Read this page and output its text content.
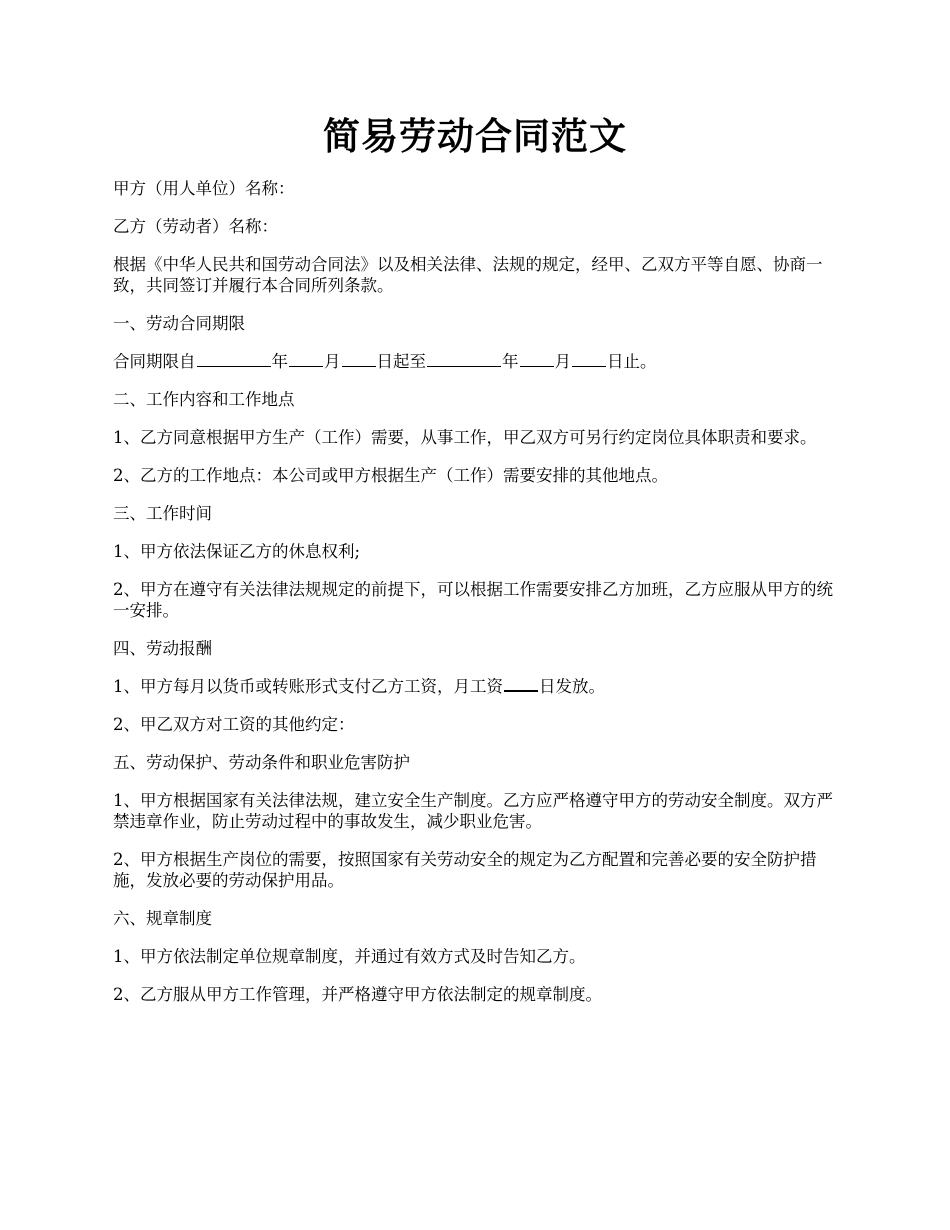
简易劳动合同范文

甲方（用人单位）名称：

乙方（劳动者）名称：

根据《中华人民共和国劳动合同法》以及相关法律、法规的规定，经甲、乙双方平等自愿、协商一致，共同签订并履行本合同所列条款。

一、劳动合同期限

合同期限自	年 月 日起至	年 月 日止。

二、工作内容和工作地点

1、乙方同意根据甲方生产（工作）需要，从事工作，甲乙双方可另行约定岗位具体职责和要求。

2、乙方的工作地点：本公司或甲方根据生产（工作）需要安排的其他地点。

三、工作时间

1、甲方依法保证乙方的休息权利;

2、甲方在遵守有关法律法规规定的前提下，可以根据工作需要安排乙方加班，乙方应服从甲方的统一安排。

四、劳动报酬

1、甲方每月以货币或转账形式支付乙方工资，月工资 日发放。

2、甲乙双方对工资的其他约定：

五、劳动保护、劳动条件和职业危害防护

1、甲方根据国家有关法律法规，建立安全生产制度。乙方应严格遵守甲方的劳动安全制度。双方严禁违章作业，防止劳动过程中的事故发生，减少职业危害。

2、甲方根据生产岗位的需要，按照国家有关劳动安全的规定为乙方配置和完善必要的安全防护措施，发放必要的劳动保护用品。

六、规章制度

1、甲方依法制定单位规章制度，并通过有效方式及时告知乙方。

2、乙方服从甲方工作管理，并严格遵守甲方依法制定的规章制度。
